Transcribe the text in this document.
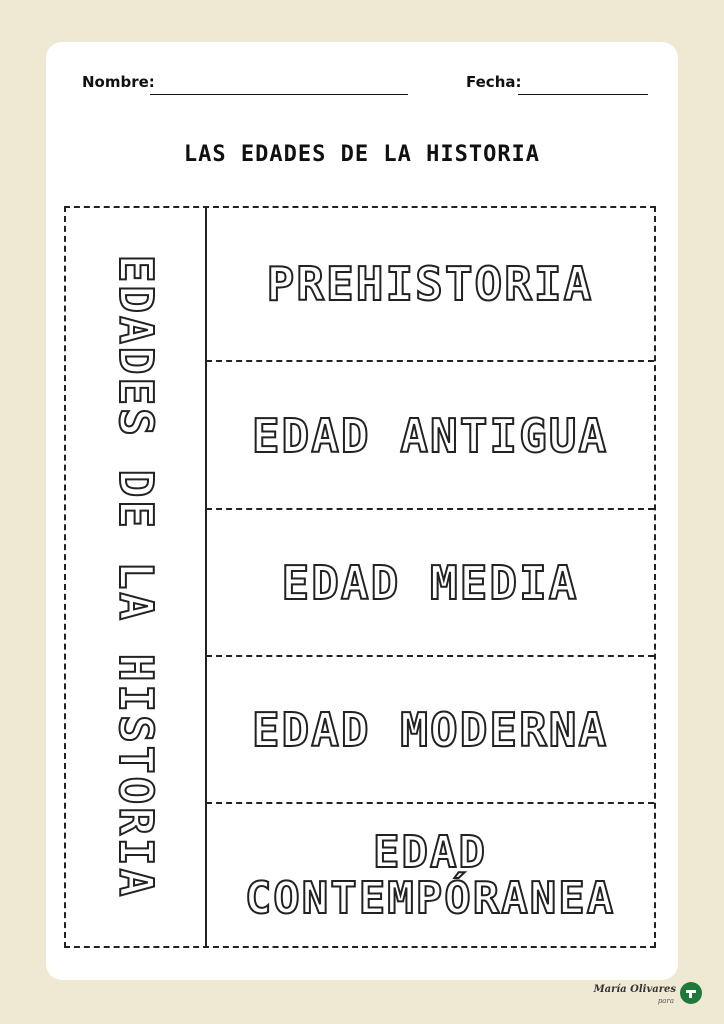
Nombre:	Fecha:
LAS EDADES DE LA HISTORIA
EDADES DE LA HISTORIA PREHISTORIA
EDAD ANTIGUA
EDAD MEDIA
EDAD MODERNA
EDAD
CONTEMPÓRANEA
María Olivares
para
